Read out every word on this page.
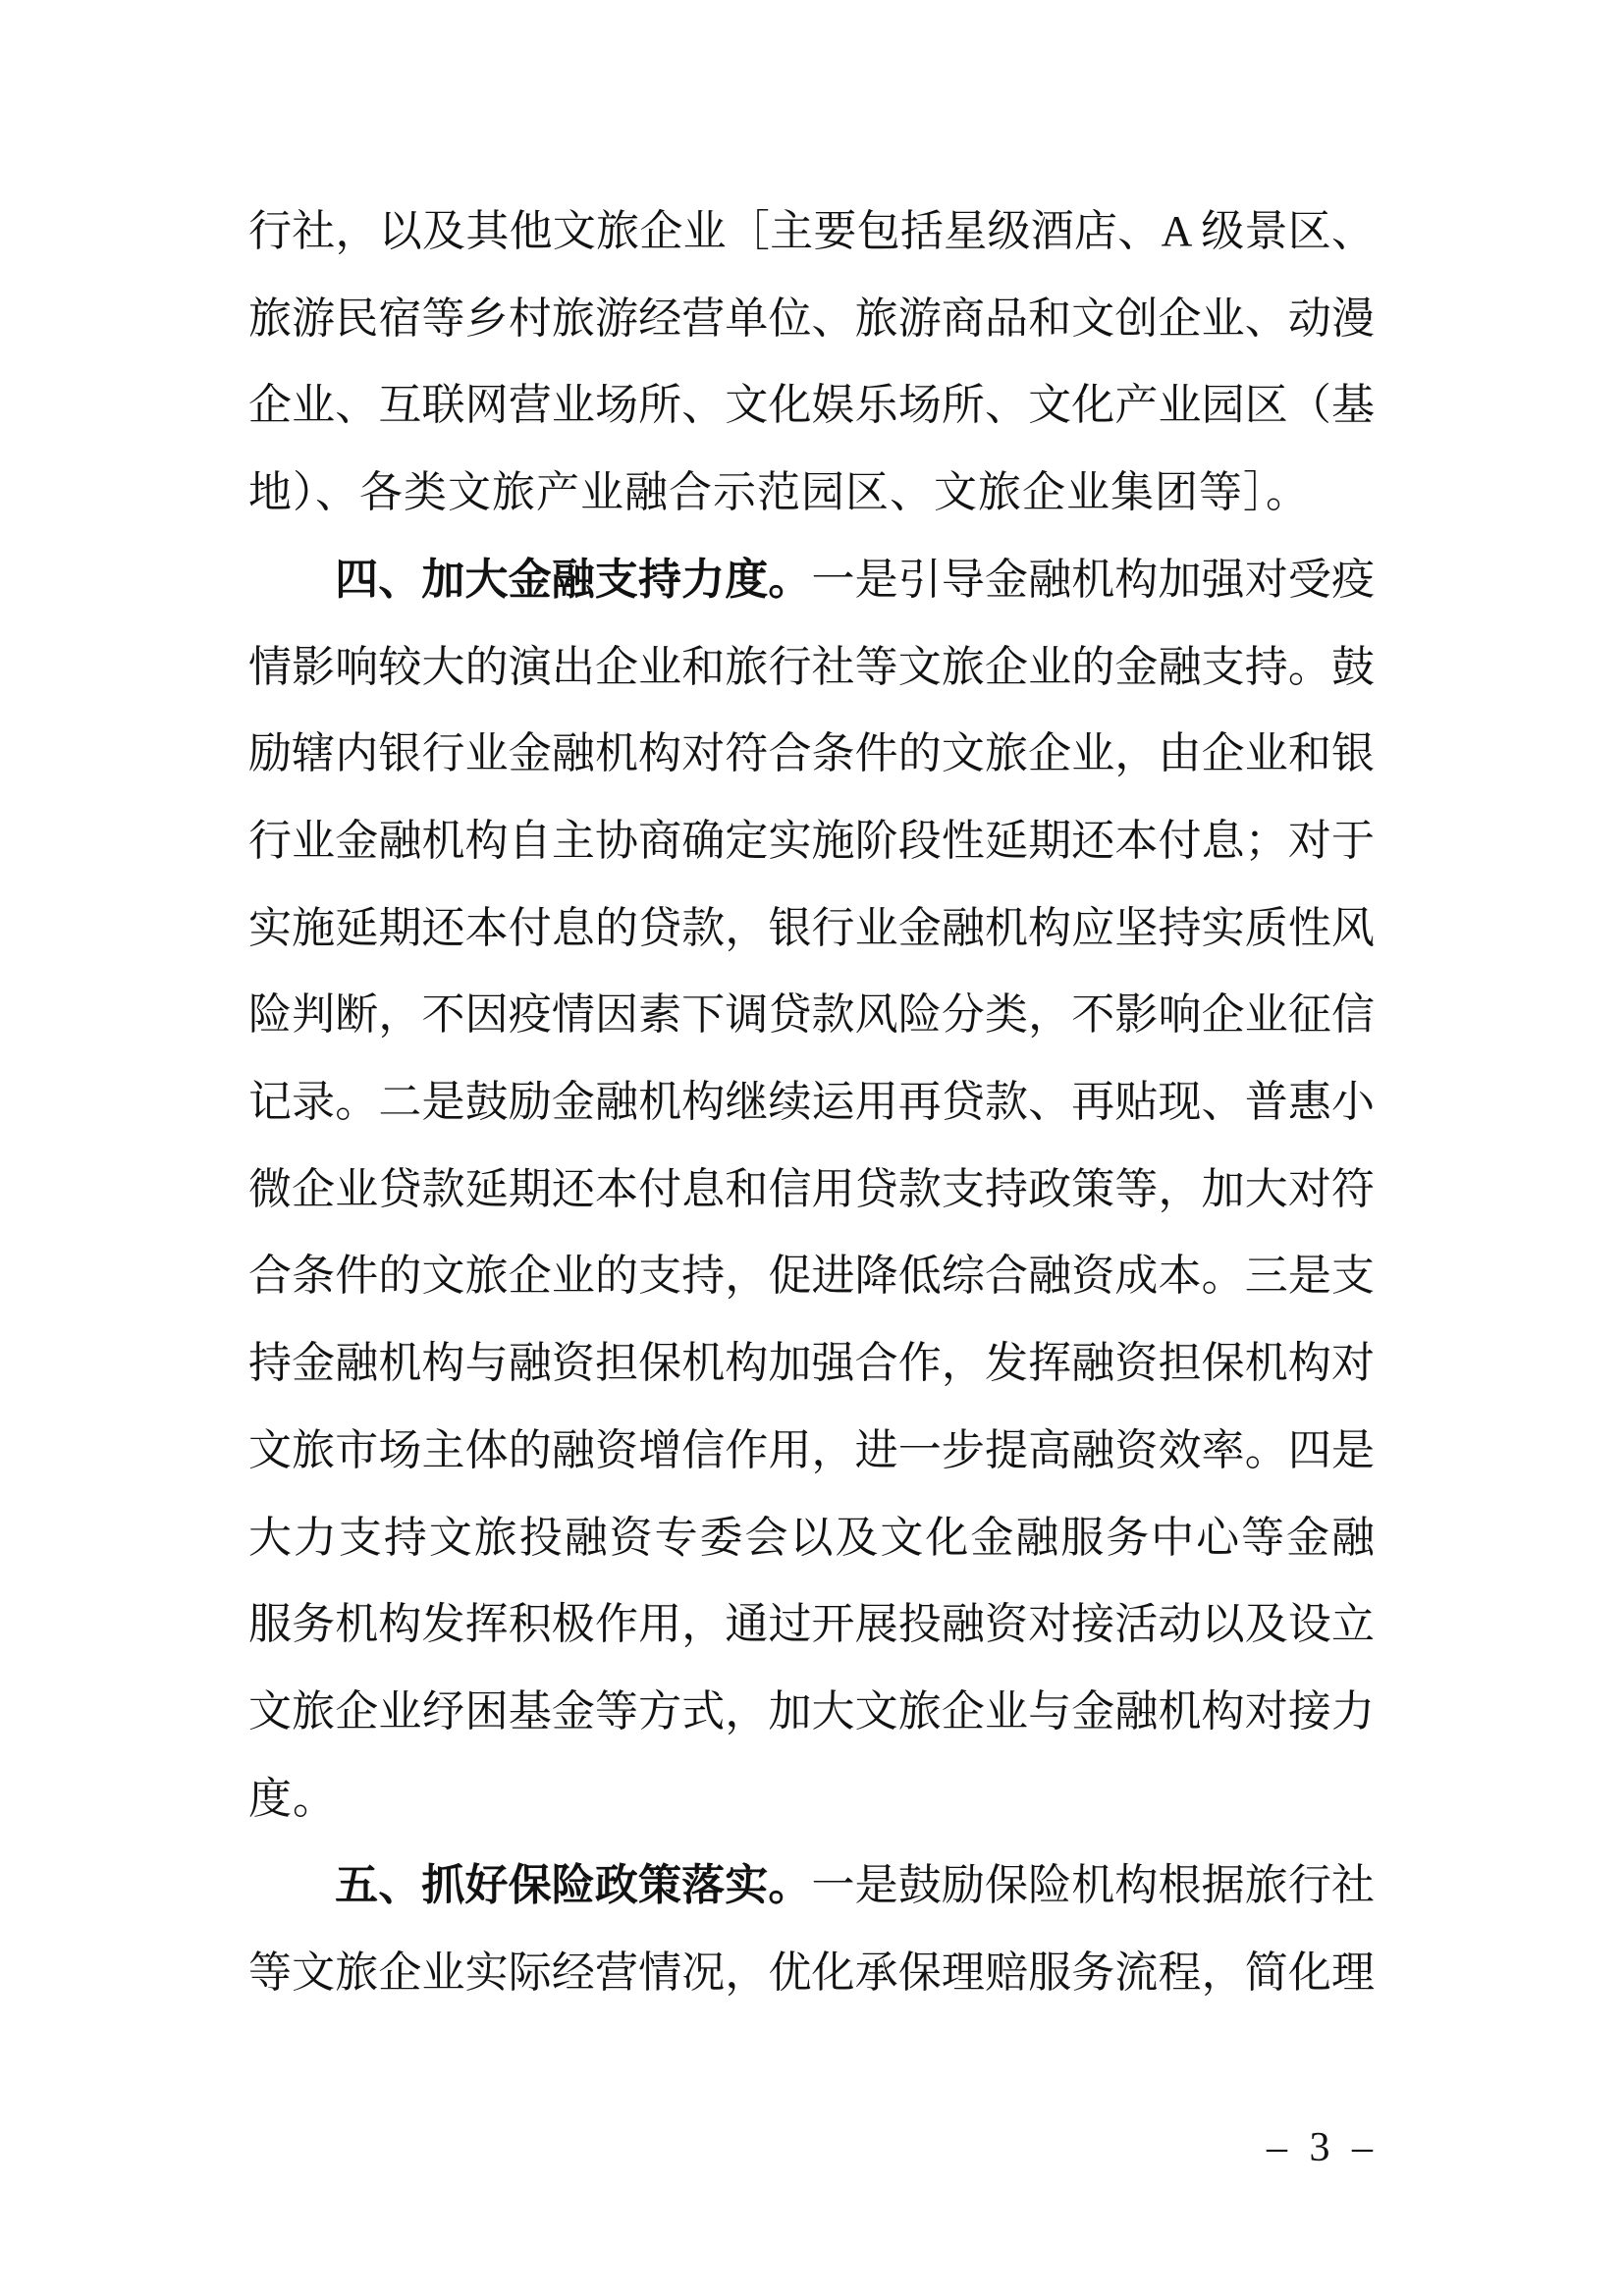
行社，以及其他文旅企业［主要包括星级酒店、A 级景区、

旅游民宿等乡村旅游经营单位、旅游商品和文创企业、动漫

企业、互联网营业场所、文化娱乐场所、文化产业园区（基

地）、各类文旅产业融合示范园区、文旅企业集团等］。

四、加大金融支持力度。一是引导金融机构加强对受疫

情影响较大的演出企业和旅行社等文旅企业的金融支持。鼓

励辖内银行业金融机构对符合条件的文旅企业，由企业和银

行业金融机构自主协商确定实施阶段性延期还本付息；对于

实施延期还本付息的贷款，银行业金融机构应坚持实质性风

险判断，不因疫情因素下调贷款风险分类，不影响企业征信

记录。二是鼓励金融机构继续运用再贷款、再贴现、普惠小

微企业贷款延期还本付息和信用贷款支持政策等，加大对符

合条件的文旅企业的支持，促进降低综合融资成本。三是支

持金融机构与融资担保机构加强合作，发挥融资担保机构对

文旅市场主体的融资增信作用，进一步提高融资效率。四是

大力支持文旅投融资专委会以及文化金融服务中心等金融

服务机构发挥积极作用，通过开展投融资对接活动以及设立

文旅企业纾困基金等方式，加大文旅企业与金融机构对接力

度。

五、抓好保险政策落实。一是鼓励保险机构根据旅行社

等文旅企业实际经营情况，优化承保理赔服务流程，简化理

– 3 –
